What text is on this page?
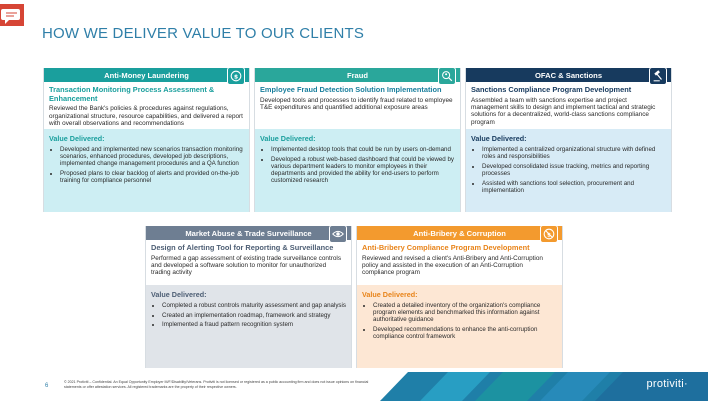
HOW WE DELIVER VALUE TO OUR CLIENTS
Anti-Money Laundering	$
Transaction Monitoring Process Assessment & Enhancement
Reviewed the Bank's policies & procedures against regulations, organizational structure, resource capabilities, and delivered a report with overall observations and recommendations
Value Delivered:
• Developed and implemented new scenarios transaction monitoring scenarios, enhanced procedures, developed job descriptions, implemented change management procedures and a QA function
• Proposed plans to clear backlog of alerts and provided on-the-job training for compliance personnel
Fraud
Employee Fraud Detection Solution Implementation
Developed tools and processes to identify fraud related to employee T&E expenditures and quantified additional exposure areas
Value Delivered:
• Implemented desktop tools that could be run by users on-demand
• Developed a robust web-based dashboard that could be viewed by various department leaders to monitor employees in their departments and provided the ability for end-users to perform customized research
OFAC & Sanctions
Sanctions Compliance Program Development
Assembled a team with sanctions expertise and project management skills to design and implement tactical and strategic solutions for a decentralized, world-class sanctions compliance program
Value Delivered:
• Implemented a centralized organizational structure with defined roles and responsibilities
• Developed consolidated issue tracking, metrics and reporting processes
• Assisted with sanctions tool selection, procurement and implementation
Market Abuse & Trade Surveillance
Design of Alerting Tool for Reporting & Surveillance
Performed a gap assessment of existing trade surveillance controls and developed a software solution to monitor for unauthorized trading activity
Value Delivered:
• Completed a robust controls maturity assessment and gap analysis
• Created an implementation roadmap, framework and strategy
• Implemented a fraud pattern recognition system
Anti-Bribery & Corruption	$
Anti-Bribery Compliance Program Development
Reviewed and revised a client's Anti-Bribery and Anti-Corruption policy and assisted in the execution of an Anti-Corruption compliance program
Value Delivered:
• Created a detailed inventory of the organization's compliance program elements and benchmarked this information against authoritative guidance
• Developed recommendations to enhance the anti-corruption compliance control framework
6
© 2021 Protiviti – Confidential. An Equal Opportunity Employer M/F/Disability/Veterans. Protiviti is not licensed or registered as a public accounting firm and does not issue opinions on financial statements or offer attestation services. All registered trademarks are the property of their respective owners.	protiviti·
